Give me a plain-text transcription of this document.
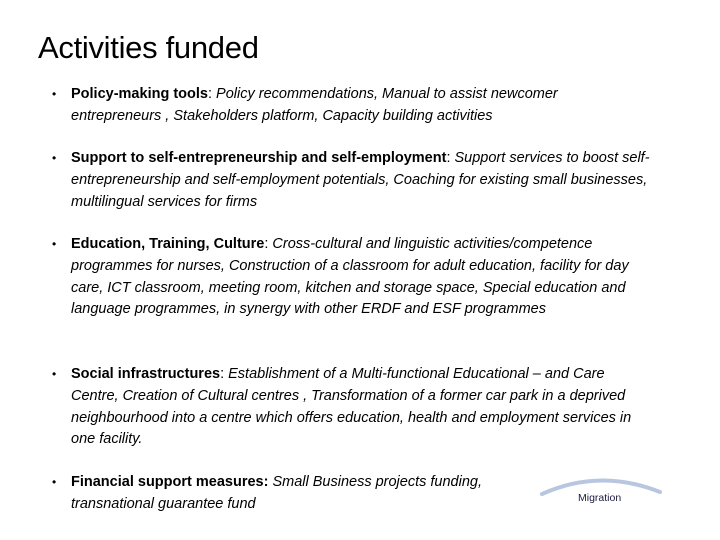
Activities funded
•	Policy-making tools: Policy recommendations, Manual to assist newcomer entrepreneurs , Stakeholders platform, Capacity building activities
•	Support to self-entrepreneurship and self-employment: Support services to boost self-entrepreneurship and self-employment potentials, Coaching for existing small businesses, multilingual services for firms
•	Education, Training, Culture: Cross-cultural and linguistic activities/competence programmes for nurses, Construction of a classroom for adult education, facility for day care, ICT classroom, meeting room, kitchen and storage space, Special education and language programmes, in synergy with other ERDF and ESF programmes
•	Social infrastructures: Establishment of a Multi-functional Educational – and Care Centre, Creation of Cultural centres , Transformation of a former car park in a deprived neighbourhood into a centre which offers education, health and employment services in one facility.
•	Financial support measures: Small Business projects funding, transnational guarantee fund	Migration
